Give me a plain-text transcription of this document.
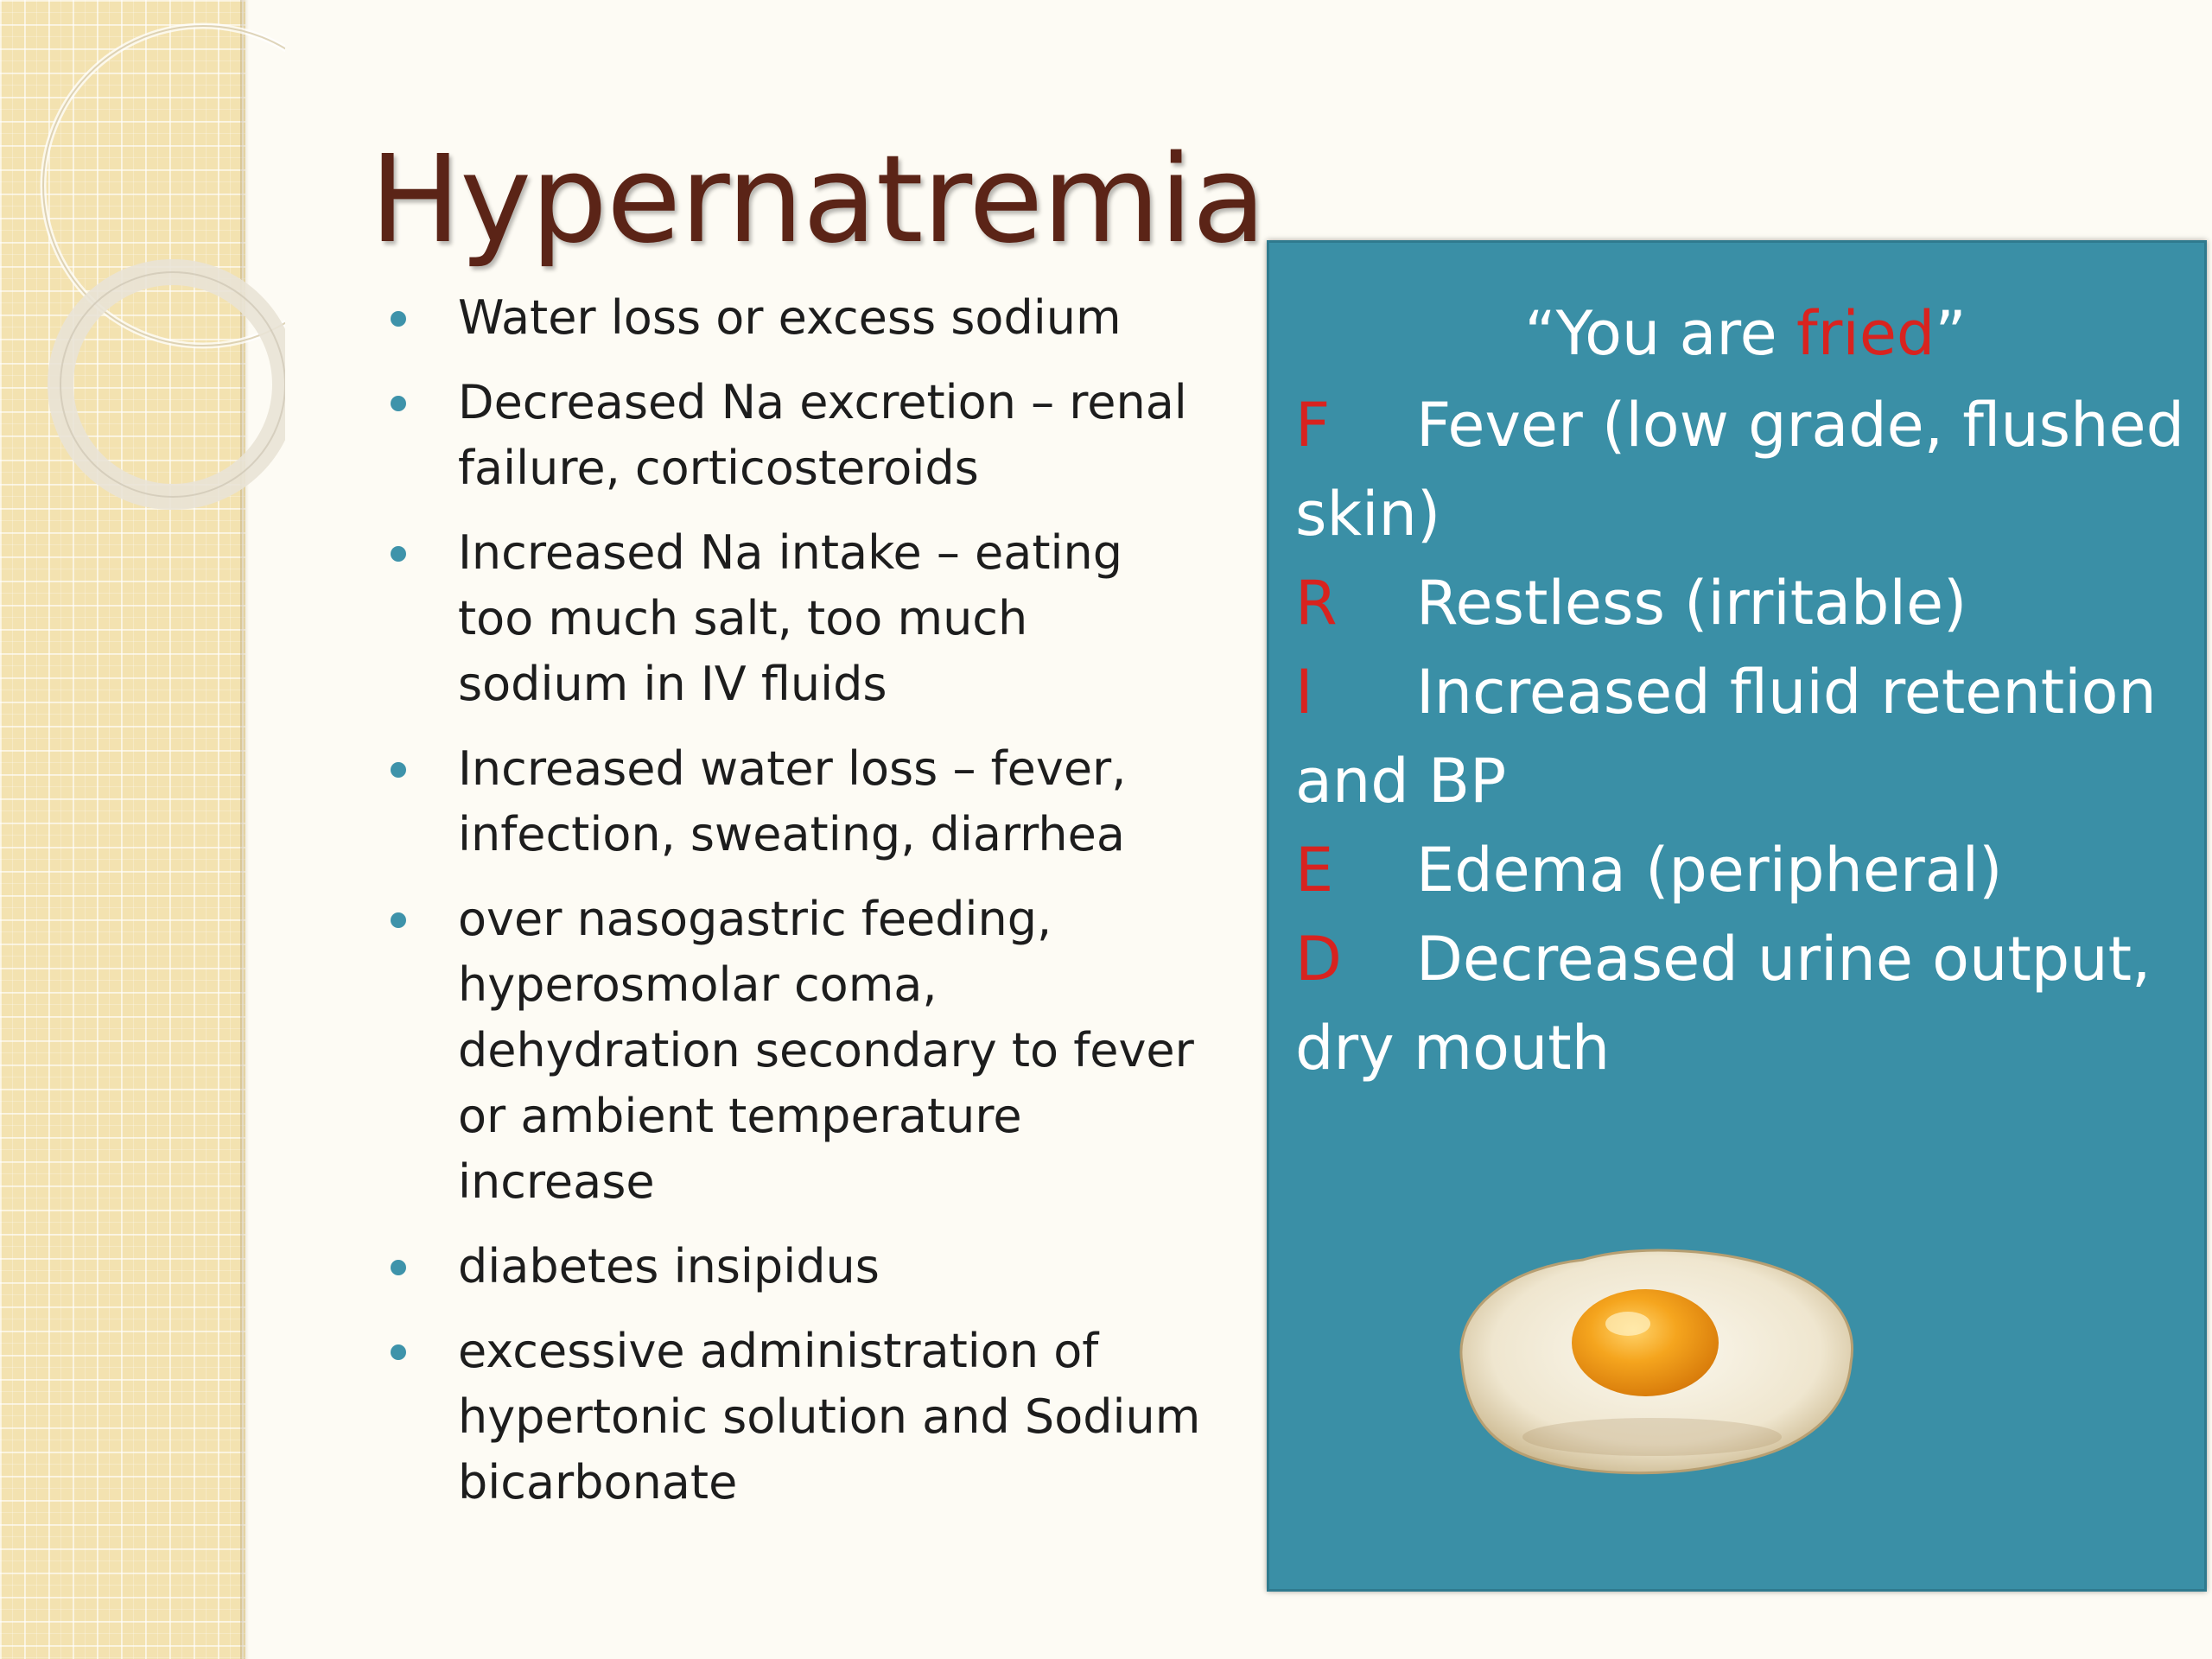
Hypernatremia
Water loss or excess sodium
Decreased Na excretion – renal failure, corticosteroids
Increased Na intake – eating too much salt, too much sodium in IV fluids
Increased water loss – fever, infection, sweating, diarrhea
over nasogastric feeding, hyperosmolar coma, dehydration secondary to fever or ambient temperature increase
diabetes insipidus
excessive administration of hypertonic solution and Sodium bicarbonate
“You are fried”
F Fever (low grade, flushed
skin)
R Restless (irritable)
I Increased fluid retention
and BP
E Edema (peripheral)
D Decreased urine output,
dry mouth
